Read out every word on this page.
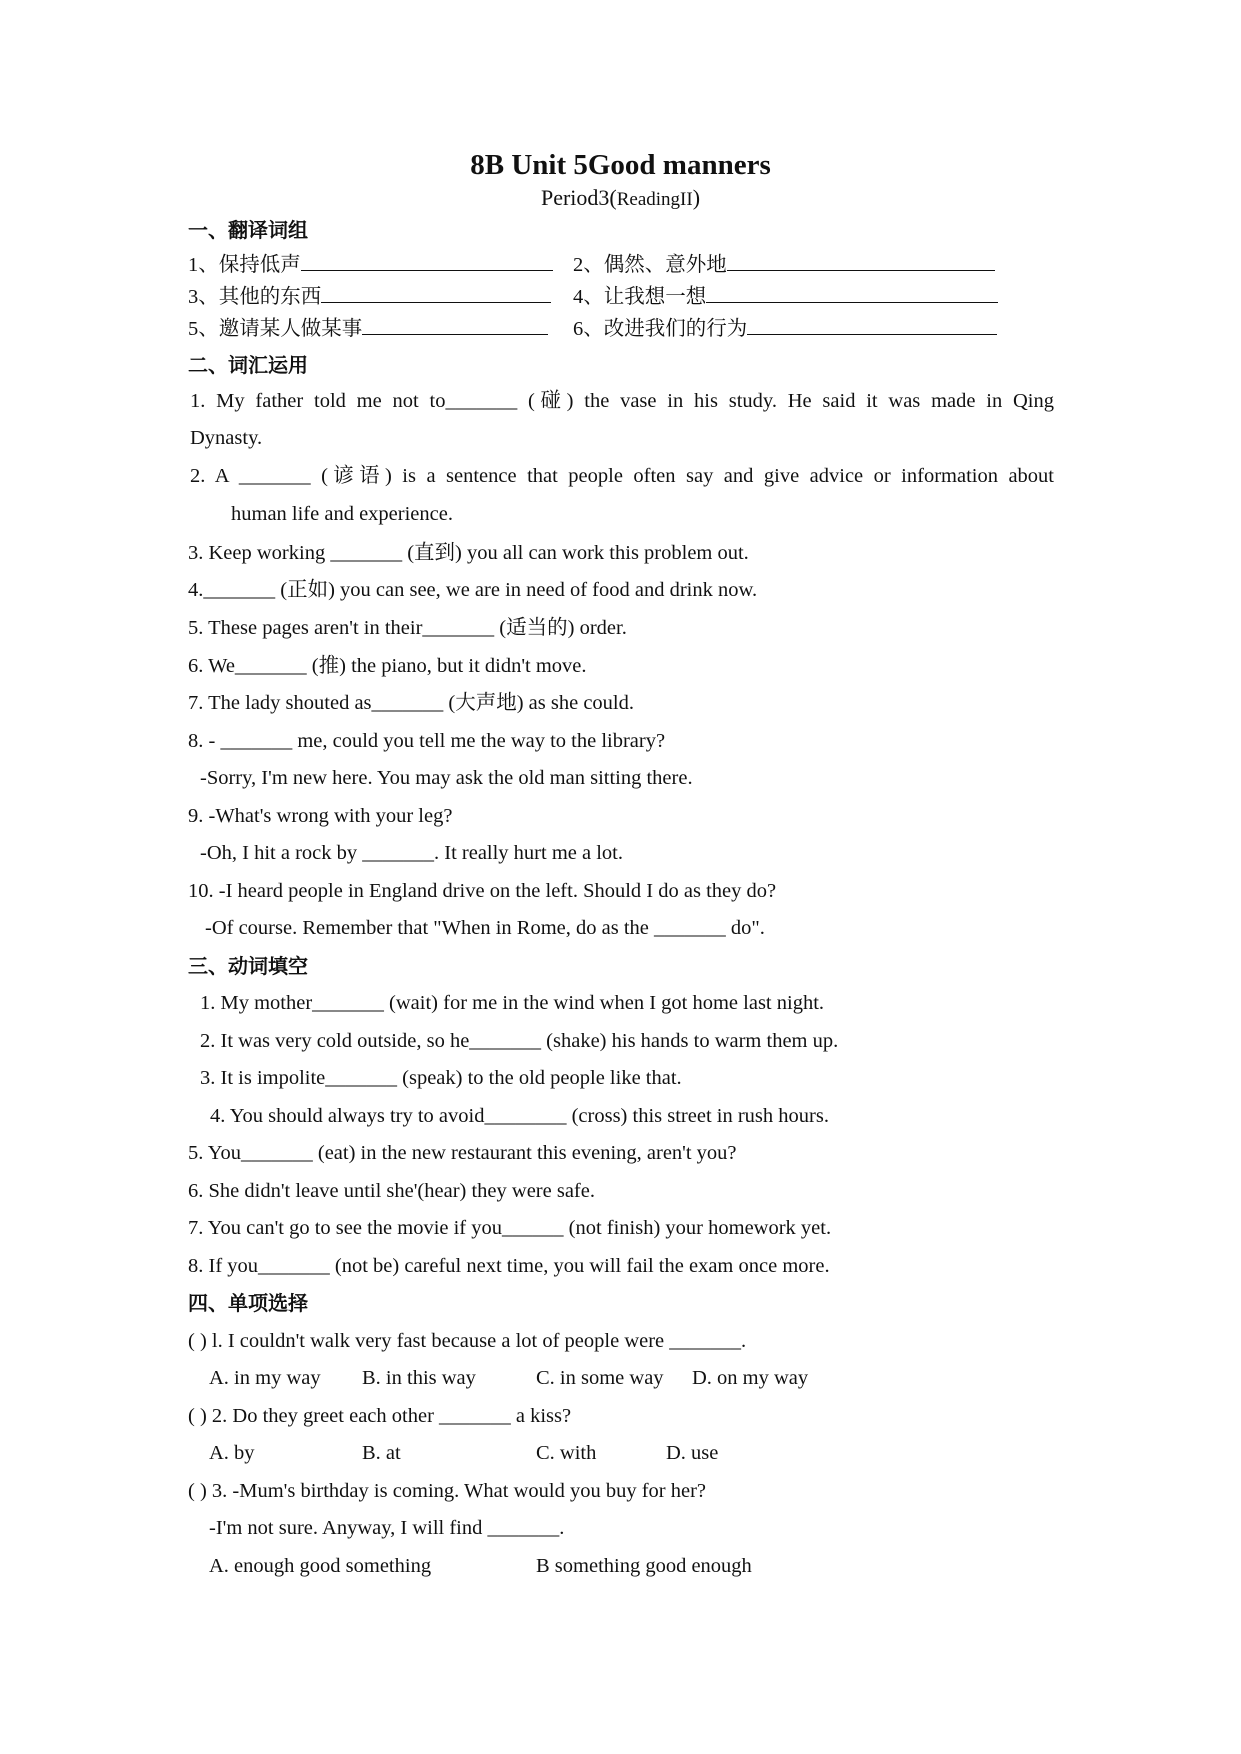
8B Unit 5Good manners
Period3(ReadingII)
一、翻译词组
1、保持低声	2、偶然、意外地
3、其他的东西	4、让我想一想
5、邀请某人做某事	6、改进我们的行为
二、词汇运用
1. My father told me not to_______ (碰) the vase in his study. He said it was made in Qing
Dynasty.
2. A _______ (谚语) is a sentence that people often say and give advice or information about
human life and experience.
3. Keep working _______ (直到) you all can work this problem out.
4._______ (正如) you can see, we are in need of food and drink now.
5. These pages aren't in their_______ (适当的) order.
6. We_______ (推) the piano, but it didn't move.
7. The lady shouted as_______ (大声地) as she could.
8. - _______ me, could you tell me the way to the library?
-Sorry, I'm new here. You may ask the old man sitting there.
9. -What's wrong with your leg?
-Oh, I hit a rock by _______. It really hurt me a lot.
10. -I heard people in England drive on the left. Should I do as they do?
-Of course. Remember that "When in Rome, do as the _______ do".
三、动词填空
1. My mother_______ (wait) for me in the wind when I got home last night.
2. It was very cold outside, so he_______ (shake) his hands to warm them up.
3. It is impolite_______ (speak) to the old people like that.
4. You should always try to avoid________ (cross) this street in rush hours.
5. You_______ (eat) in the new restaurant this evening, aren't you?
6. She didn't leave until she'(hear) they were safe.
7. You can't go to see the movie if you______ (not finish) your homework yet.
8. If you_______ (not be) careful next time, you will fail the exam once more.
四、单项选择
( ) l. I couldn't walk very fast because a lot of people were _______.
A. in my way B. in this way	C. in some way D. on my way
( ) 2. Do they greet each other _______ a kiss?
A. by	B. at	C. with	D. use
( ) 3. -Mum's birthday is coming. What would you buy for her?
-I'm not sure. Anyway, I will find _______.
A. enough good something	B something good enough
